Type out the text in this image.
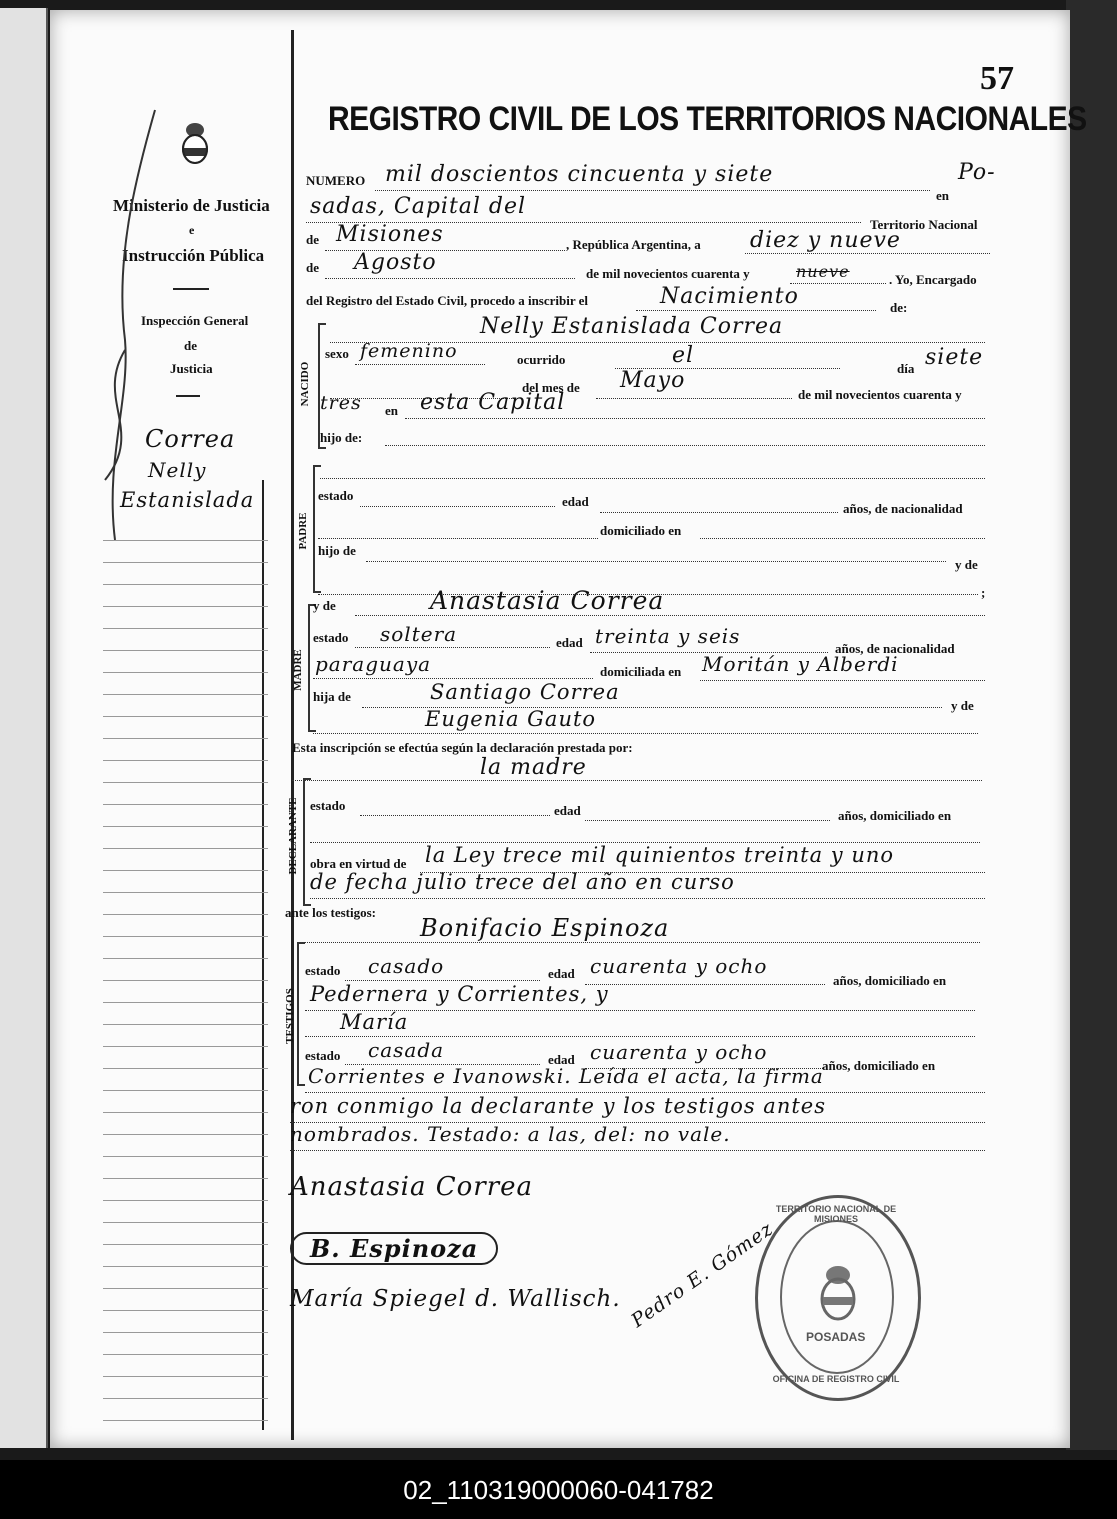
57
REGISTRO CIVIL DE LOS TERRITORIOS NACIONALES
Ministerio de Justicia
e
Instrucción Pública
Inspección General
de
Justicia
Correa
Nelly
Estanislada
NUMERO mil doscientos cincuenta y siete
en
Po-
sadas, Capital del
Territorio Nacional
de Misiones	, República Argentina, a diez y nueve
de Agosto	de mil novecientos cuarenta y	nueve	. Yo, Encargado
del Registro del Estado Civil, procedo a inscribir el	Nacimiento	de:
NACIDO
Nelly Estanislada Correa
sexo femenino	ocurrido	el
día siete
del mes de Mayo
de mil novecientos cuarenta y
tres en esta Capital
hijo de:
PADRE
estado	edad	años, de nacionalidad
domiciliado en
hijo de
y de
;
MADRE
y de	Anastasia Correa
estado soltera	edad treinta y seis
años, de nacionalidad
paraguaya	domiciliada en Moritán y Alberdi
hija de	Santiago Correa
y de
Eugenia Gauto
Esta inscripción se efectúa según la declaración prestada por:
la madre
DECLARANTE estado	edad	años, domiciliado en
obra en virtud de la Ley trece mil quinientos treinta y uno
de fecha julio trece del año en curso
ante los testigos:
TESTIGOS
Bonifacio Espinoza
estado casado	edad cuarenta y ocho
años, domiciliado en
Pedernera y Corrientes, y
María
estado casada	edad cuarenta y ocho
años, domiciliado en
Corrientes e Ivanowski. Leída el acta, la firma
ron conmigo la declarante y los testigos antes
nombrados. Testado: a las, del: no vale.
Anastasia Correa
B. Espinoza
María Spiegel d. Wallisch. Pedro E. Gómez
TERRITORIO NACIONAL DE MISIONES
POSADAS
OFICINA DE REGISTRO CIVIL
02_110319000060-041782
